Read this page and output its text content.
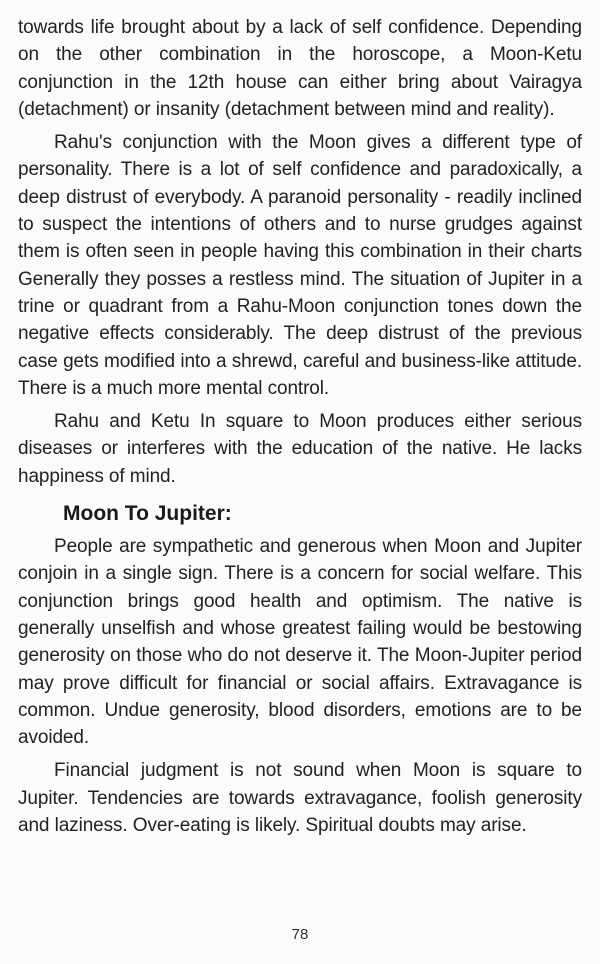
towards life brought about by a lack of self confidence. Depending on the other combination in the horoscope, a Moon-Ketu conjunction in the 12th house can either bring about Vairagya (detachment) or insanity (detachment between mind and reality).

Rahu's conjunction with the Moon gives a different type of personality. There is a lot of self confidence and paradoxically, a deep distrust of everybody. A paranoid personality - readily inclined to suspect the intentions of others and to nurse grudges against them is often seen in people having this combination in their charts Generally they posses a restless mind. The situation of Jupiter in a trine or quadrant from a Rahu-Moon conjunction tones down the negative effects considerably. The deep distrust of the previous case gets modified into a shrewd, careful and business-like attitude. There is a much more mental control.

Rahu and Ketu In square to Moon produces either serious diseases or interferes with the education of the native. He lacks happiness of mind.

Moon To Jupiter:

People are sympathetic and generous when Moon and Jupiter conjoin in a single sign. There is a concern for social welfare. This conjunction brings good health and optimism. The native is generally unselfish and whose greatest failing would be bestowing generosity on those who do not deserve it. The Moon-Jupiter period may prove difficult for financial or social affairs. Extravagance is common. Undue generosity, blood disorders, emotions are to be avoided.

Financial judgment is not sound when Moon is square to Jupiter. Tendencies are towards extravagance, foolish generosity and laziness. Over-eating is likely. Spiritual doubts may arise.

78
